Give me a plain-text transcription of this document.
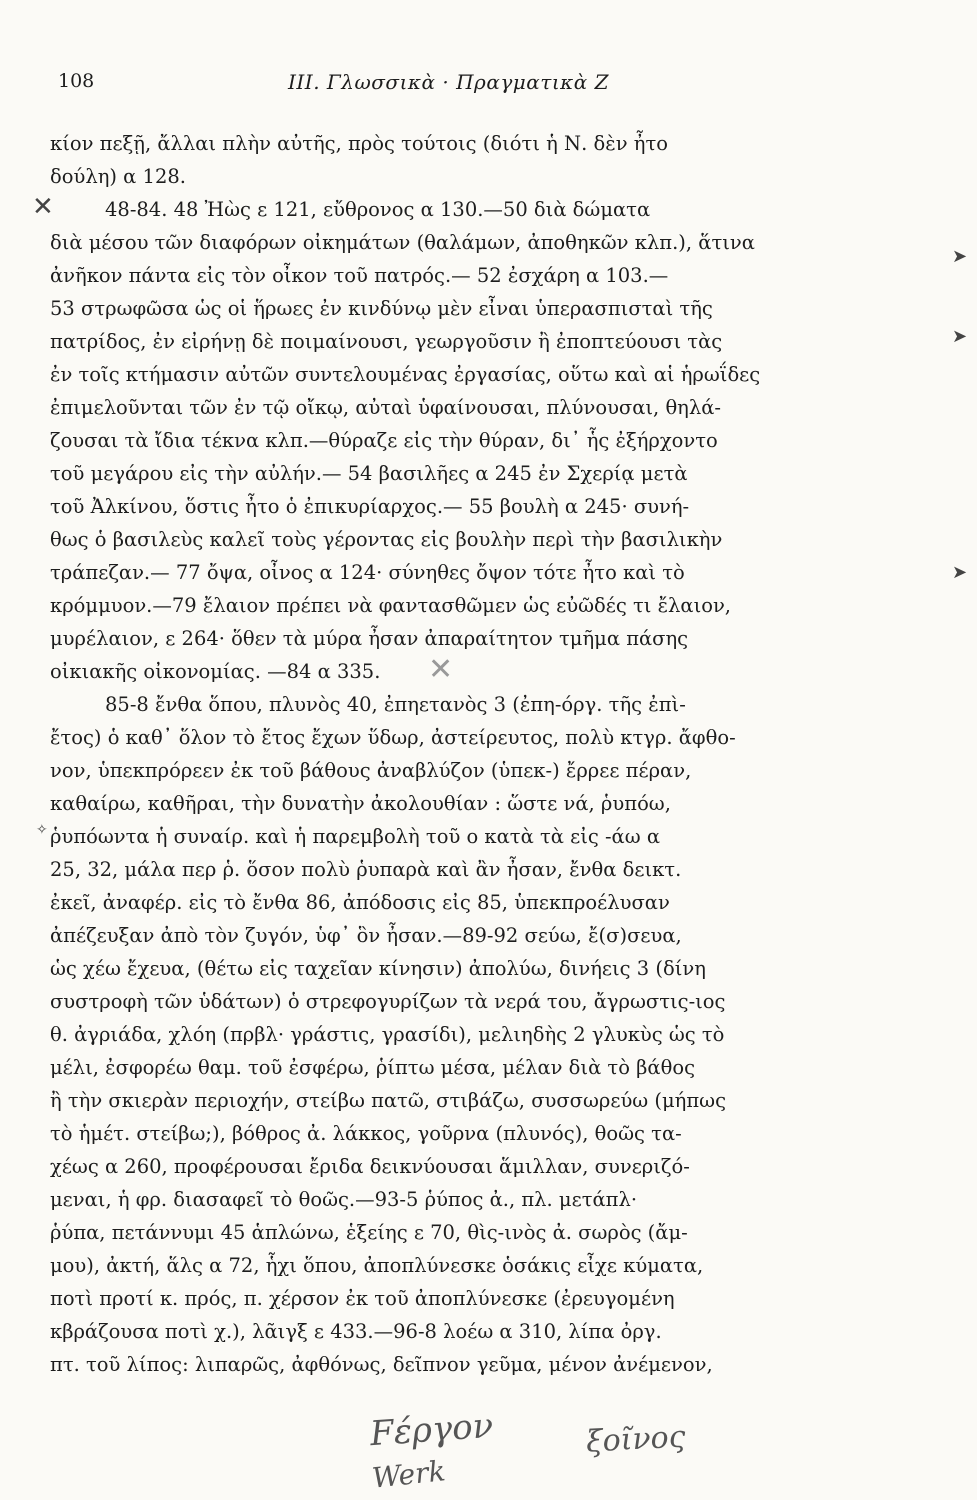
108	III. Γλωσσικὰ · Πραγματικὰ Ζ
κίον πεξῇ, ἄλλαι πλὴν αὐτῆς, πρὸς τούτοις (διότι ἡ Ν. δὲν ἦτο
δούλη) α 128.
48-84. 48 Ἠὼς ε 121, εὔθρονος α 130.—50 διὰ δώματα
διὰ μέσου τῶν διαφόρων οἰκημάτων (θαλάμων, ἀποθηκῶν κλπ.), ἅτινα
ἀνῆκον πάντα εἰς τὸν οἶκον τοῦ πατρός.— 52 ἐσχάρη α 103.—
53 στρωφῶσα ὡς οἱ ἥρωες ἐν κινδύνῳ μὲν εἶναι ὑπερασπισταὶ τῆς
πατρίδος, ἐν εἰρήνῃ δὲ ποιμαίνουσι, γεωργοῦσιν ἢ ἐποπτεύουσι τὰς
ἐν τοῖς κτήμασιν αὐτῶν συντελουμένας ἐργασίας, οὕτω καὶ αἱ ἡρωΐδες
ἐπιμελοῦνται τῶν ἐν τῷ οἴκῳ, αὐταὶ ὑφαίνουσαι, πλύνουσαι, θηλά-
ζουσαι τὰ ἴδια τέκνα κλπ.—θύραζε εἰς τὴν θύραν, δι᾿ ἧς ἐξήρχοντο
τοῦ μεγάρου εἰς τὴν αὐλήν.— 54 βασιλῆες α 245 ἐν Σχερίᾳ μετὰ
τοῦ Ἀλκίνου, ὅστις ἦτο ὁ ἐπικυρίαρχος.— 55 βουλὴ α 245· συνή-
θως ὁ βασιλεὺς καλεῖ τοὺς γέροντας εἰς βουλὴν περὶ τὴν βασιλικὴν
τράπεζαν.— 77 ὄψα, οἶνος α 124· σύνηθες ὄψον τότε ἦτο καὶ τὸ
κρόμμυον.—79 ἔλαιον πρέπει νὰ φαντασθῶμεν ὡς εὐῶδές τι ἔλαιον,
μυρέλαιον, ε 264· ὅθεν τὰ μύρα ἦσαν ἀπαραίτητον τμῆμα πάσης
οἰκιακῆς οἰκονομίας. —84 α 335.
85-8 ἔνθα ὅπου, πλυνὸς 40, ἐπηετανὸς 3 (ἐπη-όργ. τῆς ἐπὶ-
ἔτος) ὁ καθ᾿ ὅλον τὸ ἔτος ἔχων ὕδωρ, ἀστείρευτος, πολὺ κτγρ. ἄφθο-
νον, ὑπεκπρόρεεν ἐκ τοῦ βάθους ἀναβλύζον (ὑπεκ-) ἔρρεε πέραν,
καθαίρω, καθῆραι, τὴν δυνατὴν ἀκολουθίαν : ὥστε νά, ῥυπόω,
ῥυπόωντα ἡ συναίρ. καὶ ἡ παρεμβολὴ τοῦ ο κατὰ τὰ εἰς -άω α
25, 32, μάλα περ ῥ. ὅσον πολὺ ῥυπαρὰ καὶ ἂν ἦσαν, ἔνθα δεικτ.
ἐκεῖ, ἀναφέρ. εἰς τὸ ἔνθα 86, ἀπόδοσις εἰς 85, ὑπεκπροέλυσαν
ἀπέζευξαν ἀπὸ τὸν ζυγόν, ὑφ᾿ ὃν ἦσαν.—89-92 σεύω, ἔ(σ)σευα,
ὡς χέω ἔχευα, (θέτω εἰς ταχεῖαν κίνησιν) ἀπολύω, δινήεις 3 (δίνη
συστροφὴ τῶν ὑδάτων) ὁ στρεφογυρίζων τὰ νερά του, ἄγρωστις-ιος
θ. ἀγριάδα, χλόη (πρβλ· γράστις, γρασίδι), μελιηδὴς 2 γλυκὺς ὡς τὸ
μέλι, ἐσφορέω θαμ. τοῦ ἐσφέρω, ῥίπτω μέσα, μέλαν διὰ τὸ βάθος
ἢ τὴν σκιερὰν περιοχήν, στείβω πατῶ, στιβάζω, συσσωρεύω (μήπως
τὸ ἡμέτ. στείβω;), βόθρος ἀ. λάκκος, γοῦρνα (πλυνός), θοῶς τα-
χέως α 260, προφέρουσαι ἔριδα δεικνύουσαι ἅμιλλαν, συνεριζό-
μεναι, ἡ φρ. διασαφεῖ τὸ θοῶς.—93-5 ῥύπος ἀ., πλ. μετάπλ·
ῥύπα, πετάννυμι 45 ἁπλώνω, ἑξείης ε 70, θὶς-ινὸς ἀ. σωρὸς (ἄμ-
μου), ἀκτή, ἅλς α 72, ἧχι ὅπου, ἀποπλύνεσκε ὁσάκις εἶχε κύματα,
ποτὶ προτί κ. πρός, π. χέρσον ἐκ τοῦ ἀποπλύνεσκε (ἐρευγομένη
κβράζουσα ποτὶ χ.), λᾶιγξ ε 433.—96-8 λοέω α 310, λίπα ὀργ.
πτ. τοῦ λίπος: λιπαρῶς, ἀφθόνως, δεῖπνον γεῦμα, μένον ἀνέμενον,
✕
✕
➤
➤
➤
✧
Fέργον
Werk
ξοῖνος
